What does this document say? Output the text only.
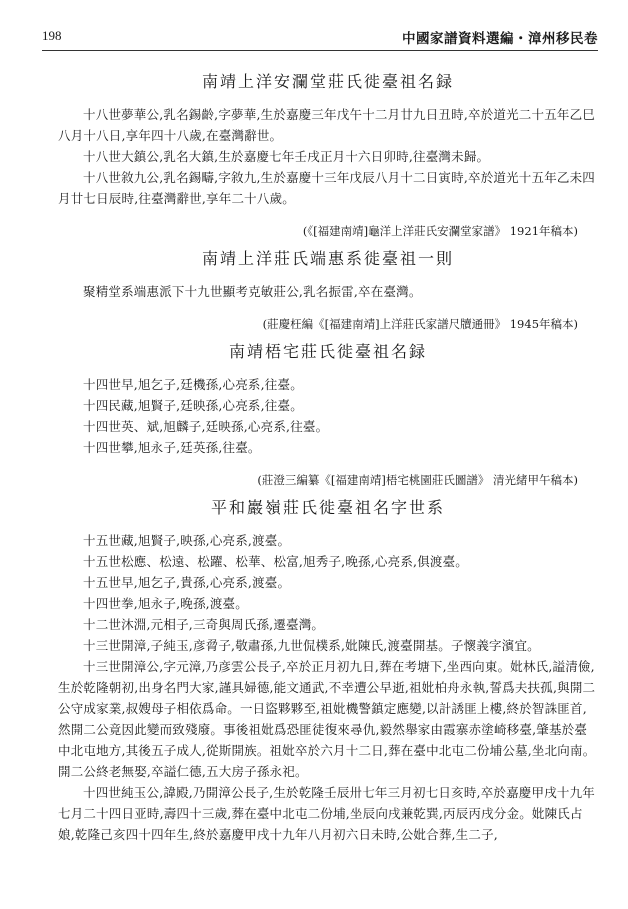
198	中國家譜資料選編・漳州移民卷
南靖上洋安瀾堂莊氏徙臺祖名録

十八世夢華公,乳名錫齡,字夢華,生於嘉慶三年戊午十二月廿九日丑時,卒於道光二十五年乙巳八月十八日,享年四十八歲,在臺灣辭世。

十八世大鎮公,乳名大鎮,生於嘉慶七年壬戌正月十六日卯時,往臺灣未歸。

十八世敘九公,乳名錫疇,字敘九,生於嘉慶十三年戊辰八月十二日寅時,卒於道光十五年乙未四月廿七日辰時,往臺灣辭世,享年二十八歲。

(《[福建南靖]龜洋上洋莊氏安瀾堂家譜》 1921年稿本)

南靖上洋莊氏端惠系徙臺祖一則

聚精堂系端惠派下十九世顯考克敏莊公,乳名振雷,卒在臺灣。

(莊慶枉編《[福建南靖]上洋莊氏家譜尺牘通冊》 1945年稿本)

南靖梧宅莊氏徙臺祖名録

十四世早,旭乞子,廷機孫,心亮系,往臺。

十四民藏,旭賢子,廷映孫,心亮系,往臺。

十四世英、斌,旭麟子,廷映孫,心亮系,往臺。

十四世攀,旭永子,廷英孫,往臺。

(莊澄三編纂《[福建南靖]梧宅桃園莊氏圖譜》 清光緒甲午稿本)

平和巖嶺莊氏徙臺祖名字世系

十五世藏,旭賢子,映孫,心亮系,渡臺。

十五世松應、松遠、松躍、松華、松富,旭秀子,晚孫,心亮系,俱渡臺。

十五世早,旭乞子,貴孫,心亮系,渡臺。

十四世拳,旭永子,晚孫,渡臺。

十二世沐淵,元相子,三奇與周氏孫,遷臺灣。

十三世開漳,子純玉,彦脋子,敬肅孫,九世侃樸系,妣陳氏,渡臺開基。子懷義字濱宜。

十三世開漳公,字元漳,乃彦雲公長子,卒於正月初九日,葬在考塘下,坐西向東。妣林氏,謚清儉,生於乾隆朝初,出身名門大家,謹具婦德,能文通武,不幸遭公早逝,祖妣柏舟永執,誓爲夫扶孤,與開二公守成家業,叔嫂母子相依爲命。一日盜夥夥至,祖妣機警鎮定應變,以計誘匪上樓,終於智誅匪首,然開二公竟因此變而致殘廢。事後祖妣爲恐匪徒復來尋仇,毅然舉家由霞寨赤塗崎移臺,肇基於臺中北屯地方,其後五子成人,從斯開族。祖妣卒於六月十二日,葬在臺中北屯二份埔公墓,坐北向南。開二公終老無娶,卒謚仁德,五大房子孫永祀。

十四世純玉公,諱殿,乃開漳公長子,生於乾隆壬辰卅七年三月初七日亥時,卒於嘉慶甲戌十九年七月二十四日亚時,壽四十三歲,葬在臺中北屯二份埔,坐辰向戌兼乾巽,丙辰丙戌分金。妣陳氏占娘,乾隆己亥四十四年生,終於嘉慶甲戌十九年八月初六日未時,公妣合葬,生二子,
